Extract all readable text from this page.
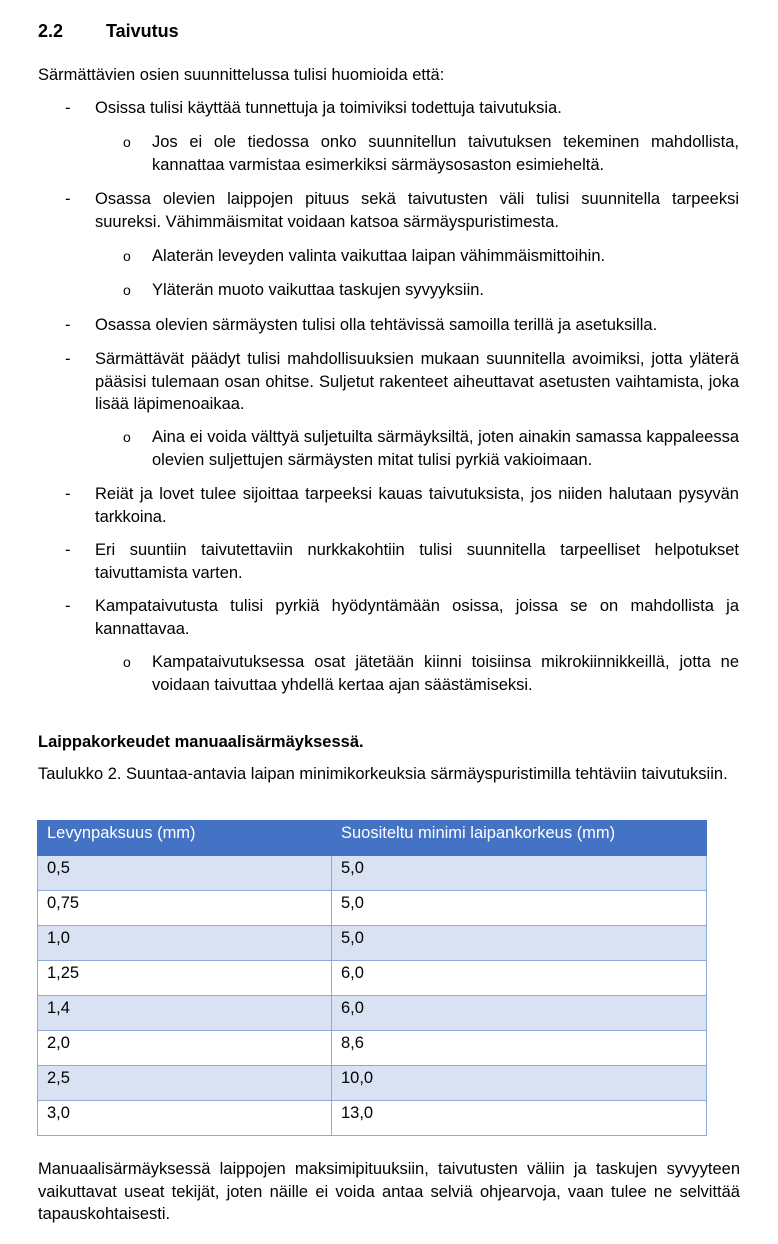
2.2 Taivutus
Särmättävien osien suunnittelussa tulisi huomioida että:
- Osissa tulisi käyttää tunnettuja ja toimiviksi todettuja taivutuksia.
o Jos ei ole tiedossa onko suunnitellun taivutuksen tekeminen mahdollista, kannattaa varmistaa esimerkiksi särmäysosaston esimieheltä.
- Osassa olevien laippojen pituus sekä taivutusten väli tulisi suunnitella tarpeeksi suureksi. Vähimmäismitat voidaan katsoa särmäyspuristimesta.
o Alaterän leveyden valinta vaikuttaa laipan vähimmäismittoihin.
o Yläterän muoto vaikuttaa taskujen syvyyksiin.
- Osassa olevien särmäysten tulisi olla tehtävissä samoilla terillä ja asetuksilla.
- Särmättävät päädyt tulisi mahdollisuuksien mukaan suunnitella avoimiksi, jotta yläterä pääsisi tulemaan osan ohitse. Suljetut rakenteet aiheuttavat asetusten vaihtamista, joka lisää läpimenoaikaa.
o Aina ei voida välttyä suljetuilta särmäyksiltä, joten ainakin samassa kappaleessa olevien suljettujen särmäysten mitat tulisi pyrkiä vakioimaan.
- Reiät ja lovet tulee sijoittaa tarpeeksi kauas taivutuksista, jos niiden halutaan pysyvän tarkkoina.
- Eri suuntiin taivutettaviin nurkkakohtiin tulisi suunnitella tarpeelliset helpotukset taivuttamista varten.
- Kampataivutusta tulisi pyrkiä hyödyntämään osissa, joissa se on mahdollista ja kannattavaa.
o Kampataivutuksessa osat jätetään kiinni toisiinsa mikrokiinnikkeillä, jotta ne voidaan taivuttaa yhdellä kertaa ajan säästämiseksi.
Laippakorkeudet manuaalisärmäyksessä.
Taulukko 2. Suuntaa-antavia laipan minimikorkeuksia särmäyspuristimilla tehtäviin taivutuksiin.
Levynpaksuus (mm)	Suositeltu minimi laipankorkeus (mm)
0,5	5,0
0,75	5,0
1,0	5,0
1,25	6,0
1,4	6,0
2,0	8,6
2,5	10,0
3,0	13,0
Manuaalisärmäyksessä laippojen maksimipituuksiin, taivutusten väliin ja taskujen syvyyteen vaikuttavat useat tekijät, joten näille ei voida antaa selviä ohjearvoja, vaan tulee ne selvittää tapauskohtaisesti.
